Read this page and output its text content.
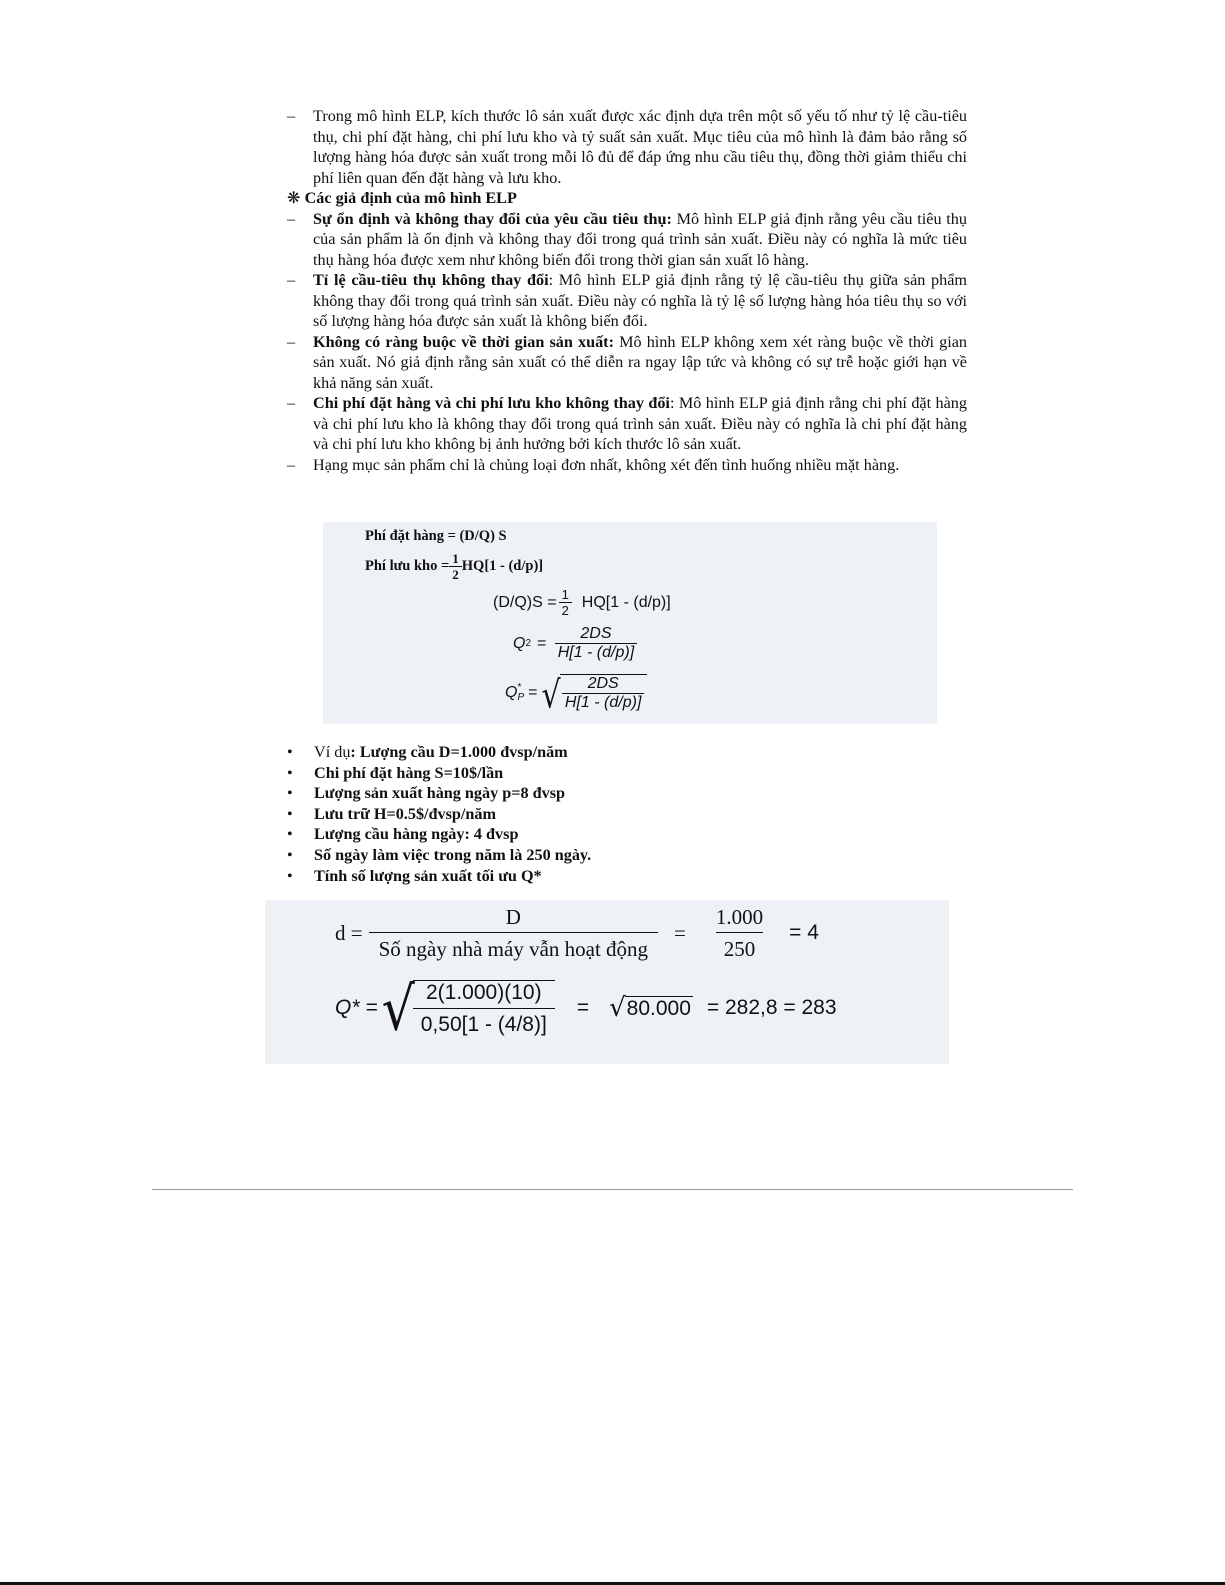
– Trong mô hình ELP, kích thước lô sản xuất được xác định dựa trên một số yếu tố như tỷ lệ cầu-tiêu thụ, chi phí đặt hàng, chi phí lưu kho và tỷ suất sản xuất. Mục tiêu của mô hình là đảm bảo rằng số lượng hàng hóa được sản xuất trong mỗi lô đủ để đáp ứng nhu cầu tiêu thụ, đồng thời giảm thiểu chi phí liên quan đến đặt hàng và lưu kho.
❋ Các giả định của mô hình ELP
– Sự ổn định và không thay đổi của yêu cầu tiêu thụ: Mô hình ELP giả định rằng yêu cầu tiêu thụ của sản phẩm là ổn định và không thay đổi trong quá trình sản xuất. Điều này có nghĩa là mức tiêu thụ hàng hóa được xem như không biến đổi trong thời gian sản xuất lô hàng.
– Tỉ lệ cầu-tiêu thụ không thay đổi: Mô hình ELP giả định rằng tỷ lệ cầu-tiêu thụ giữa sản phẩm không thay đổi trong quá trình sản xuất. Điều này có nghĩa là tỷ lệ số lượng hàng hóa tiêu thụ so với số lượng hàng hóa được sản xuất là không biến đổi.
– Không có ràng buộc về thời gian sản xuất: Mô hình ELP không xem xét ràng buộc về thời gian sản xuất. Nó giả định rằng sản xuất có thể diễn ra ngay lập tức và không có sự trễ hoặc giới hạn về khả năng sản xuất.
– Chi phí đặt hàng và chi phí lưu kho không thay đổi: Mô hình ELP giả định rằng chi phí đặt hàng và chi phí lưu kho là không thay đổi trong quá trình sản xuất. Điều này có nghĩa là chi phí đặt hàng và chi phí lưu kho không bị ảnh hưởng bởi kích thước lô sản xuất.
– Hạng mục sản phẩm chỉ là chủng loại đơn nhất, không xét đến tình huống nhiều mặt hàng.
Phí đặt hàng = (D/Q) S
Phí lưu kho = $\frac{1}{2} HQ[1 - (d/p)]$
$(D/Q)S = \frac{1}{2} HQ[1 - (d/p)]$
Q $2 = \frac{2DS}{H[1 - (d/p)]}$
Q *
P = √ $\frac{2DS}{H[1 - (d/p)]}$
• Ví dụ: Lượng cầu D=1.000 đvsp/năm
• Chi phí đặt hàng S=10$/lần
• Lượng sản xuất hàng ngày p=8 đvsp
• Lưu trữ H=0.5$/đvsp/năm
• Lượng cầu hàng ngày: 4 đvsp
• Số ngày làm việc trong năm là 250 ngày.
• Tính số lượng sản xuất tối ưu Q*
$d = \frac{D}{\text{Số ngày nhà máy vẫn hoạt động}} = \frac{1.000}{250} = 4$
Q* = √
$\frac{2(1.000)(10)}{0,50[1 - (4/8)]}$ = √ 80.000 = 282,8 = 283
